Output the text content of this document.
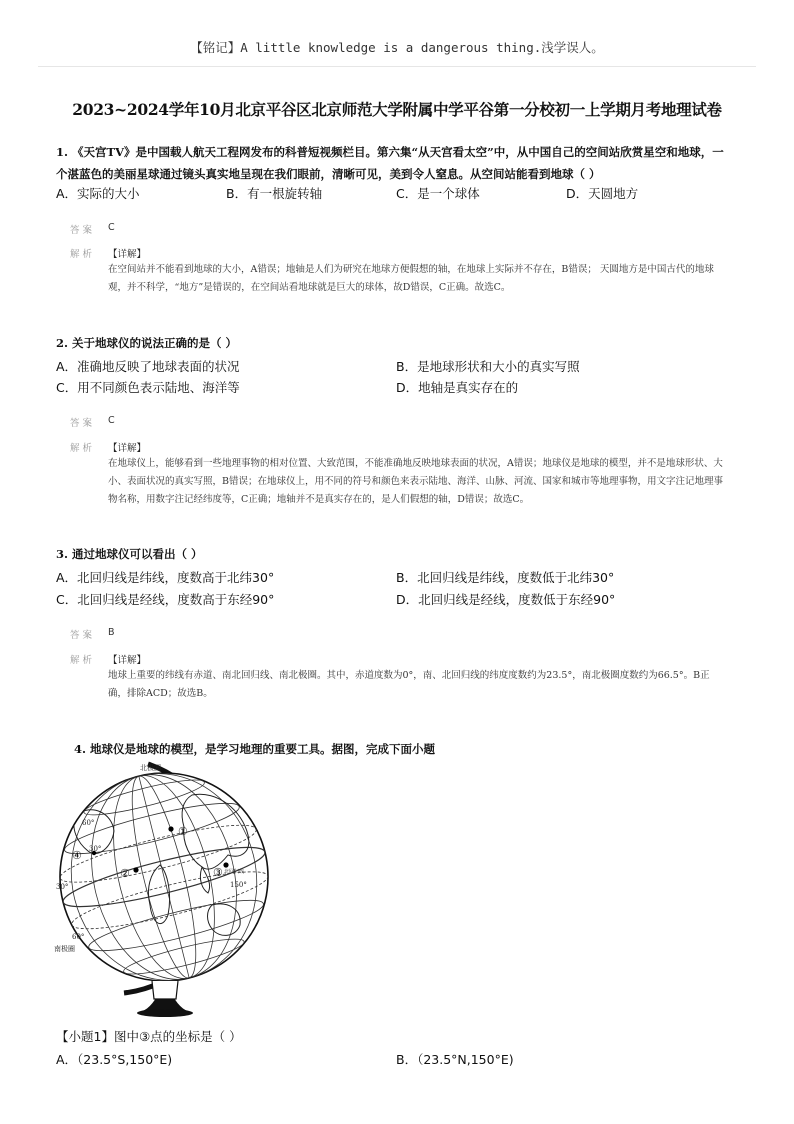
【铭记】A little knowledge is a dangerous thing.浅学误人。
2023~2024学年10月北京平谷区北京师范大学附属中学平谷第一分校初一上学期月考地理试卷
1. 《天宫TV》是中国载人航天工程网发布的科普短视频栏目。第六集“从天宫看太空”中，从中国自己的空间站欣赏星空和地球，一个湛蓝色的美丽星球通过镜头真实地呈现在我们眼前，清晰可见，美到令人窒息。从空间站能看到地球（ ）
A．实际的大小	B．有一根旋转轴	C．是一个球体	D．天圆地方
答案 C
解析 【详解】
在空间站并不能看到地球的大小，A错误；地轴是人们为研究在地球方便假想的轴，在地球上实际并不存在，B错误； 天圆地方是中国古代的地球观，并不科学，“地方”是错误的，在空间站看地球就是巨大的球体，故D错误，C正确。故选C。
2. 关于地球仪的说法正确的是（ ）
A．准确地反映了地球表面的状况	B．是地球形状和大小的真实写照
C．用不同颜色表示陆地、海洋等	D．地轴是真实存在的
答案 C
解析 【详解】
在地球仪上，能够看到一些地理事物的相对位置、大致范围，不能准确地反映地球表面的状况，A错误；地球仪是地球的模型，并不是地球形状、大小、表面状况的真实写照，B错误；在地球仪上，用不同的符号和颜色来表示陆地、海洋、山脉、河流、国家和城市等地理事物，用文字注记地理事物名称，用数字注记经纬度等，C正确；地轴并不是真实存在的，是人们假想的轴，D错误；故选C。
3. 通过地球仪可以看出（ ）
A．北回归线是纬线，度数高于北纬30°	B．北回归线是纬线，度数低于北纬30°
C．北回归线是经线，度数高于东经90°	D．北回归线是经线，度数低于东经90°
答案 B
解析 【详解】
地球上重要的纬线有赤道、南北回归线、南北极圈。其中，赤道度数为0°，南、北回归线的纬度度数约为23.5°，南北极圈度数约为66.5°。B正确，排除ACD；故选B。
4. 地球仪是地球的模型，是学习地理的重要工具。据图，完成下面小题
①
②	③
④
北极圈
南极圈
30°
60°
30°
60°
150°
北回归线
【小题1】图中③点的坐标是（ ）
A．（23.5°S,150°E)	B．（23.5°N,150°E)
